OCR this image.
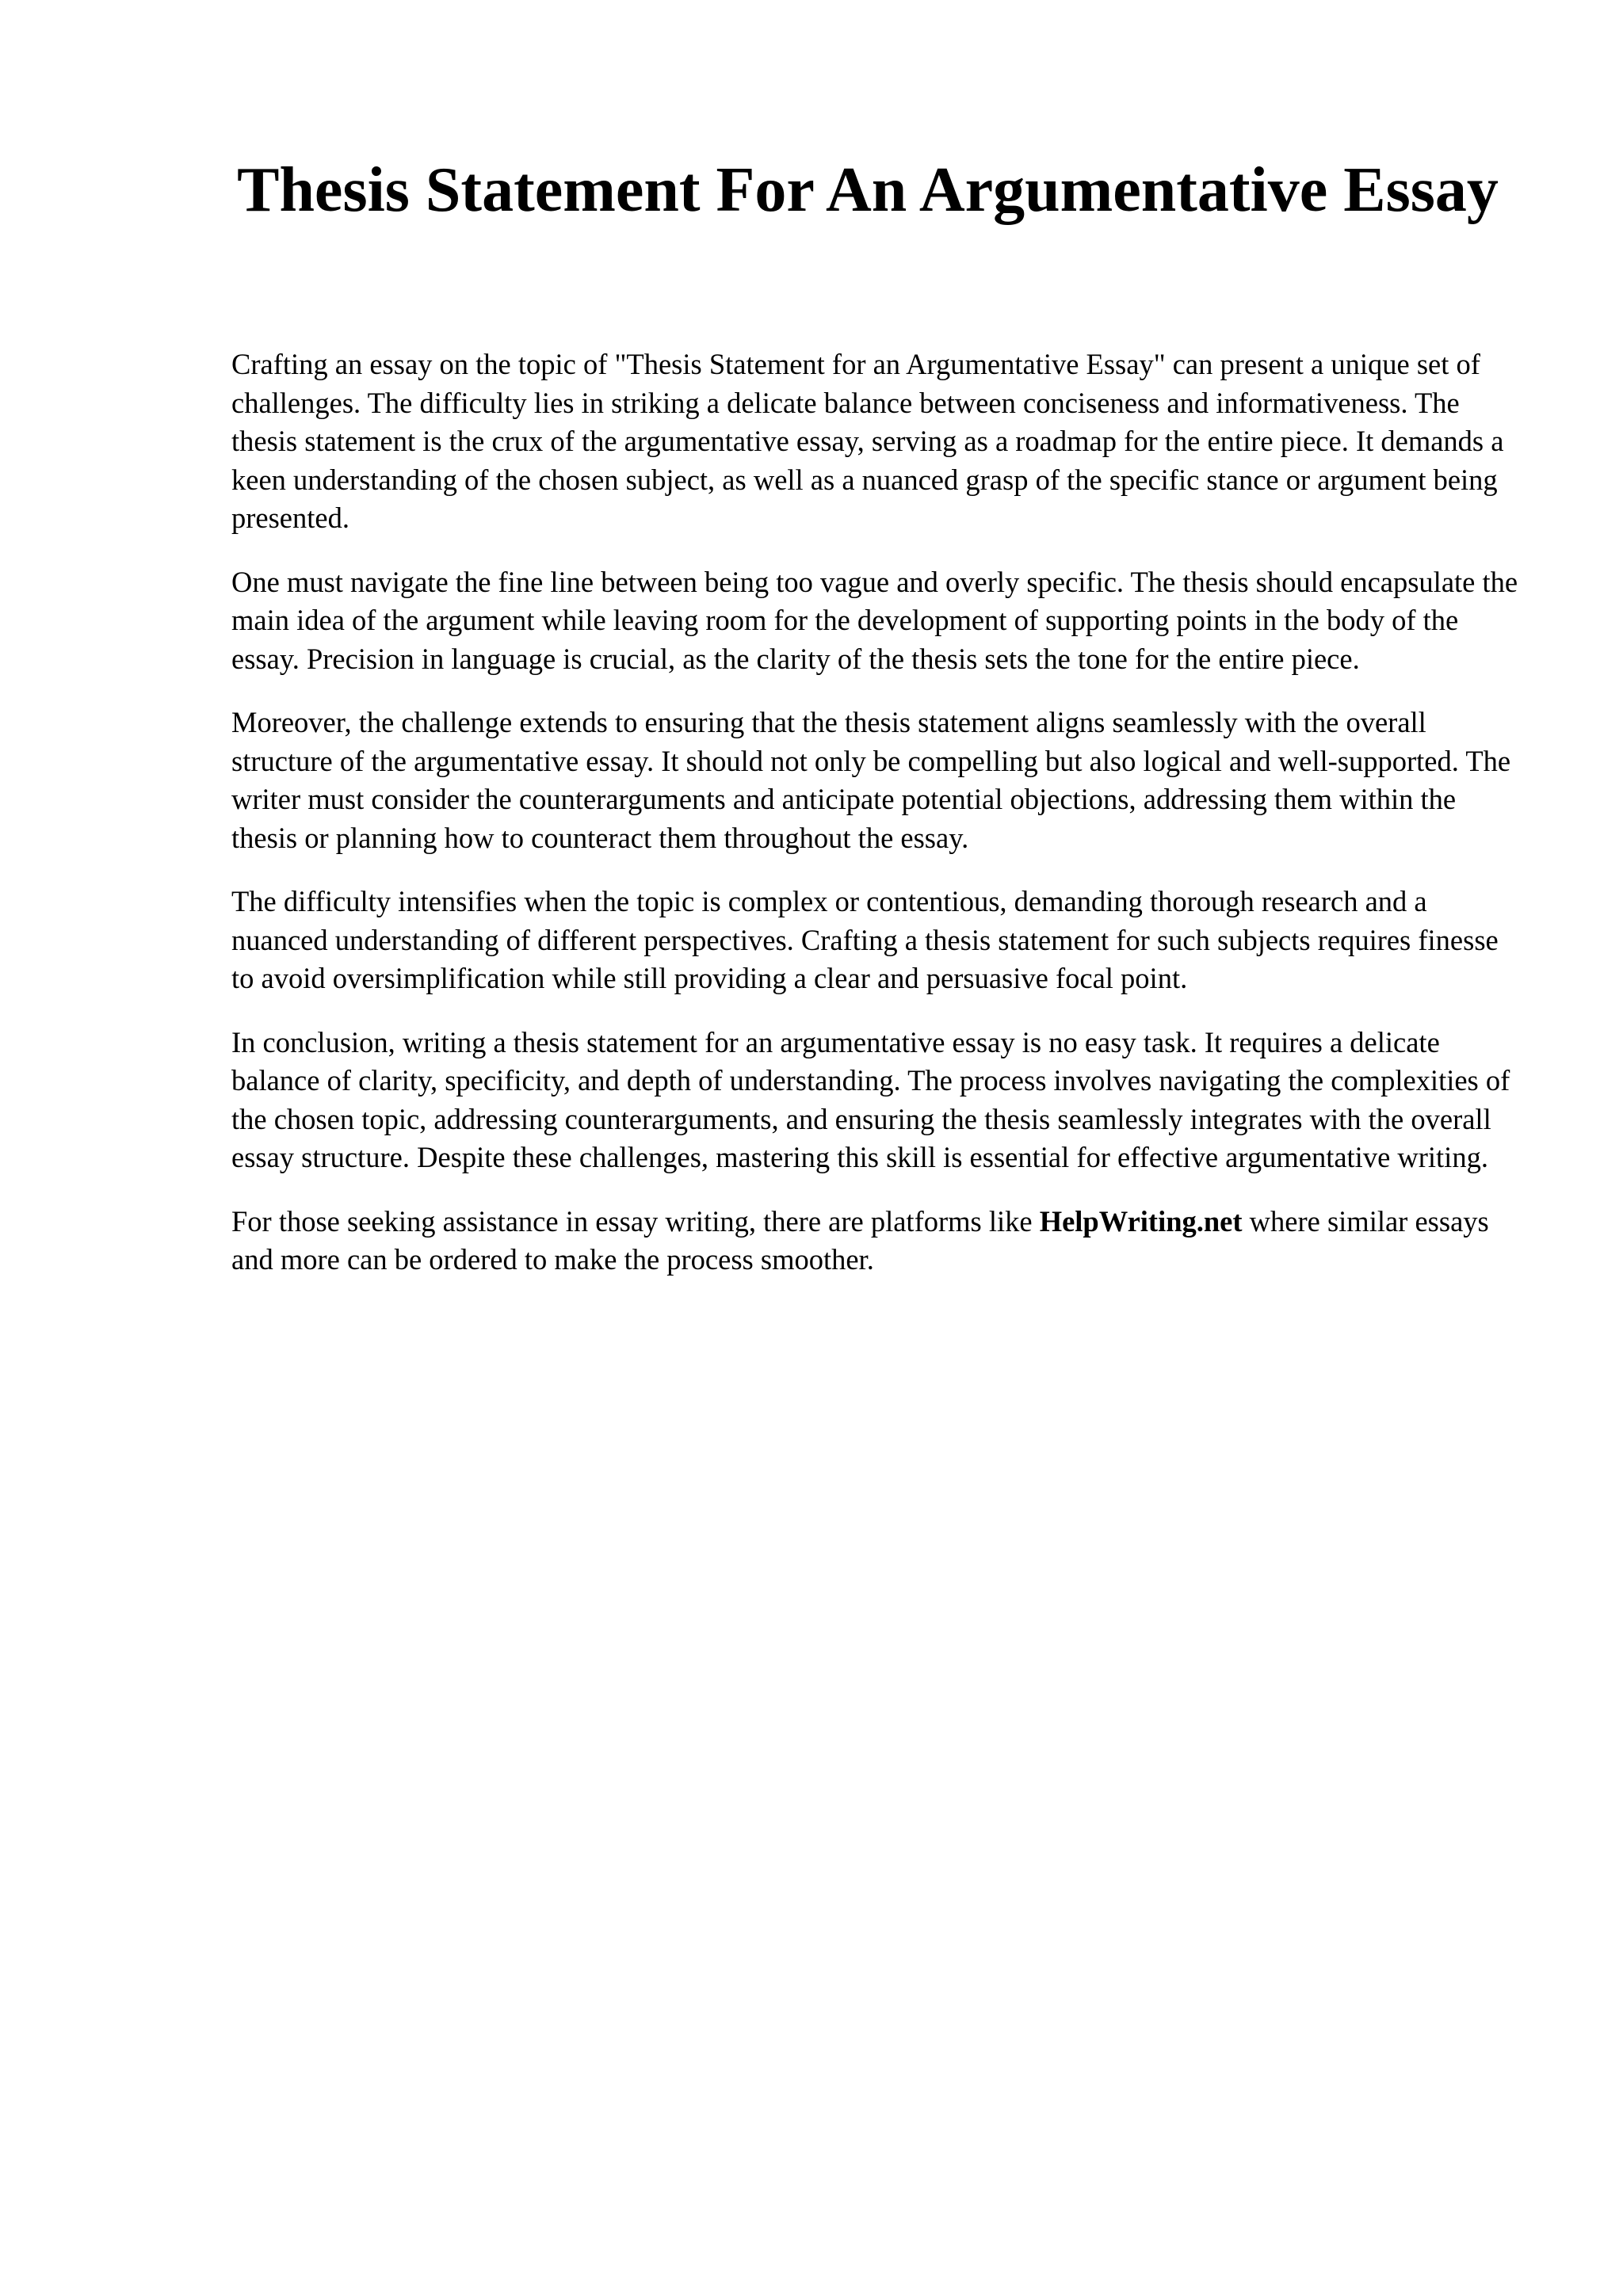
Thesis Statement For An Argumentative Essay

Crafting an essay on the topic of "Thesis Statement for an Argumentative Essay" can present a unique set of challenges. The difficulty lies in striking a delicate balance between conciseness and informativeness. The thesis statement is the crux of the argumentative essay, serving as a roadmap for the entire piece. It demands a keen understanding of the chosen subject, as well as a nuanced grasp of the specific stance or argument being presented.

One must navigate the fine line between being too vague and overly specific. The thesis should encapsulate the main idea of the argument while leaving room for the development of supporting points in the body of the essay. Precision in language is crucial, as the clarity of the thesis sets the tone for the entire piece.

Moreover, the challenge extends to ensuring that the thesis statement aligns seamlessly with the overall structure of the argumentative essay. It should not only be compelling but also logical and well-supported. The writer must consider the counterarguments and anticipate potential objections, addressing them within the thesis or planning how to counteract them throughout the essay.

The difficulty intensifies when the topic is complex or contentious, demanding thorough research and a nuanced understanding of different perspectives. Crafting a thesis statement for such subjects requires finesse to avoid oversimplification while still providing a clear and persuasive focal point.

In conclusion, writing a thesis statement for an argumentative essay is no easy task. It requires a delicate balance of clarity, specificity, and depth of understanding. The process involves navigating the complexities of the chosen topic, addressing counterarguments, and ensuring the thesis seamlessly integrates with the overall essay structure. Despite these challenges, mastering this skill is essential for effective argumentative writing.

For those seeking assistance in essay writing, there are platforms like HelpWriting.net where similar essays and more can be ordered to make the process smoother.
